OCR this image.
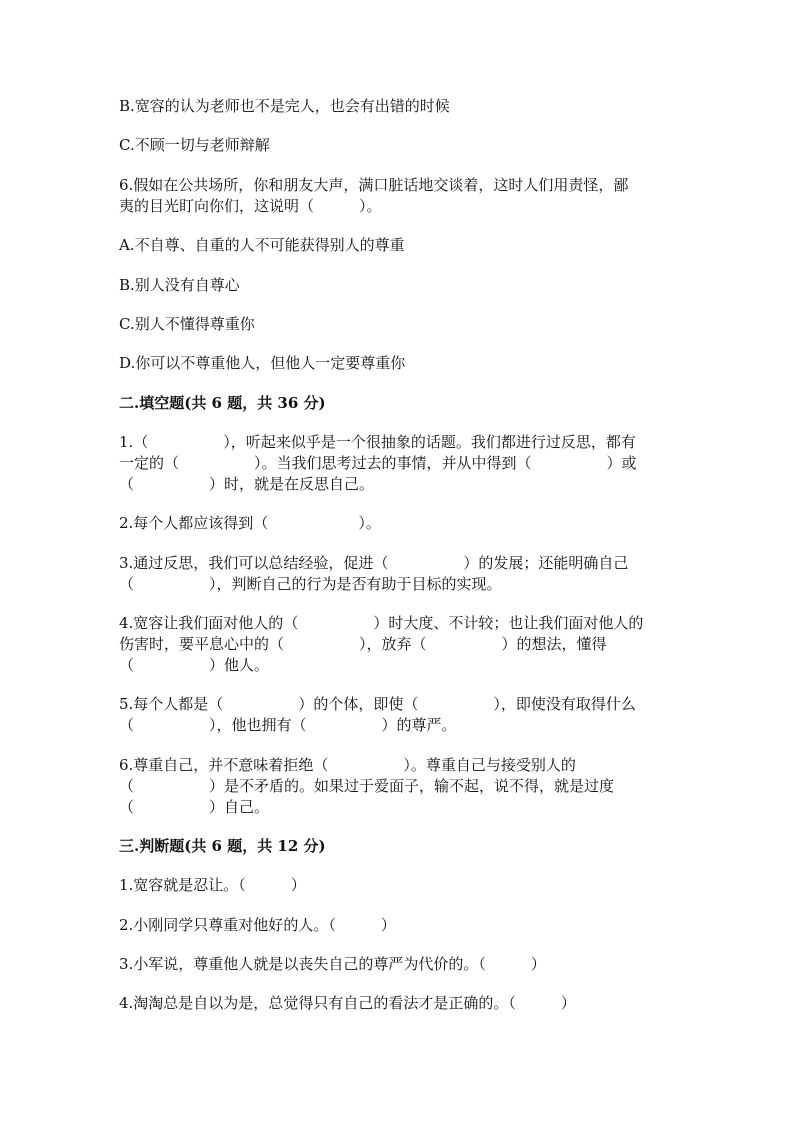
B.宽容的认为老师也不是完人，也会有出错的时候
C.不顾一切与老师辩解
6.假如在公共场所，你和朋友大声，满口脏话地交谈着，这时人们用责怪，鄙
夷的目光盯向你们，这说明（　　　）。
A.不自尊、自重的人不可能获得别人的尊重
B.别人没有自尊心
C.别人不懂得尊重你
D.你可以不尊重他人，但他人一定要尊重你
二.填空题(共 6 题，共 36 分)
1.（　　　　　），听起来似乎是一个很抽象的话题。我们都进行过反思，都有
一定的（　　　　　）。当我们思考过去的事情，并从中得到（　　　　　）或
（　　　　　）时，就是在反思自己。
2.每个人都应该得到（　　　　　　）。
3.通过反思，我们可以总结经验，促进（　　　　　）的发展；还能明确自己
（　　　　　），判断自己的行为是否有助于目标的实现。
4.宽容让我们面对他人的（　　　　　）时大度、不计较；也让我们面对他人的
伤害时，要平息心中的（　　　　　），放弃（　　　　　）的想法，懂得
（　　　　　）他人。
5.每个人都是（　　　　　）的个体，即使（　　　　　），即使没有取得什么
（　　　　　），他也拥有（　　　　　）的尊严。
6.尊重自己，并不意味着拒绝（　　　　　）。尊重自己与接受别人的
（　　　　　）是不矛盾的。如果过于爱面子，输不起，说不得，就是过度
（　　　　　）自己。
三.判断题(共 6 题，共 12 分)
1.宽容就是忍让。（　　　）
2.小刚同学只尊重对他好的人。（　　　）
3.小军说，尊重他人就是以丧失自己的尊严为代价的。（　　　）
4.淘淘总是自以为是，总觉得只有自己的看法才是正确的。（　　　）
